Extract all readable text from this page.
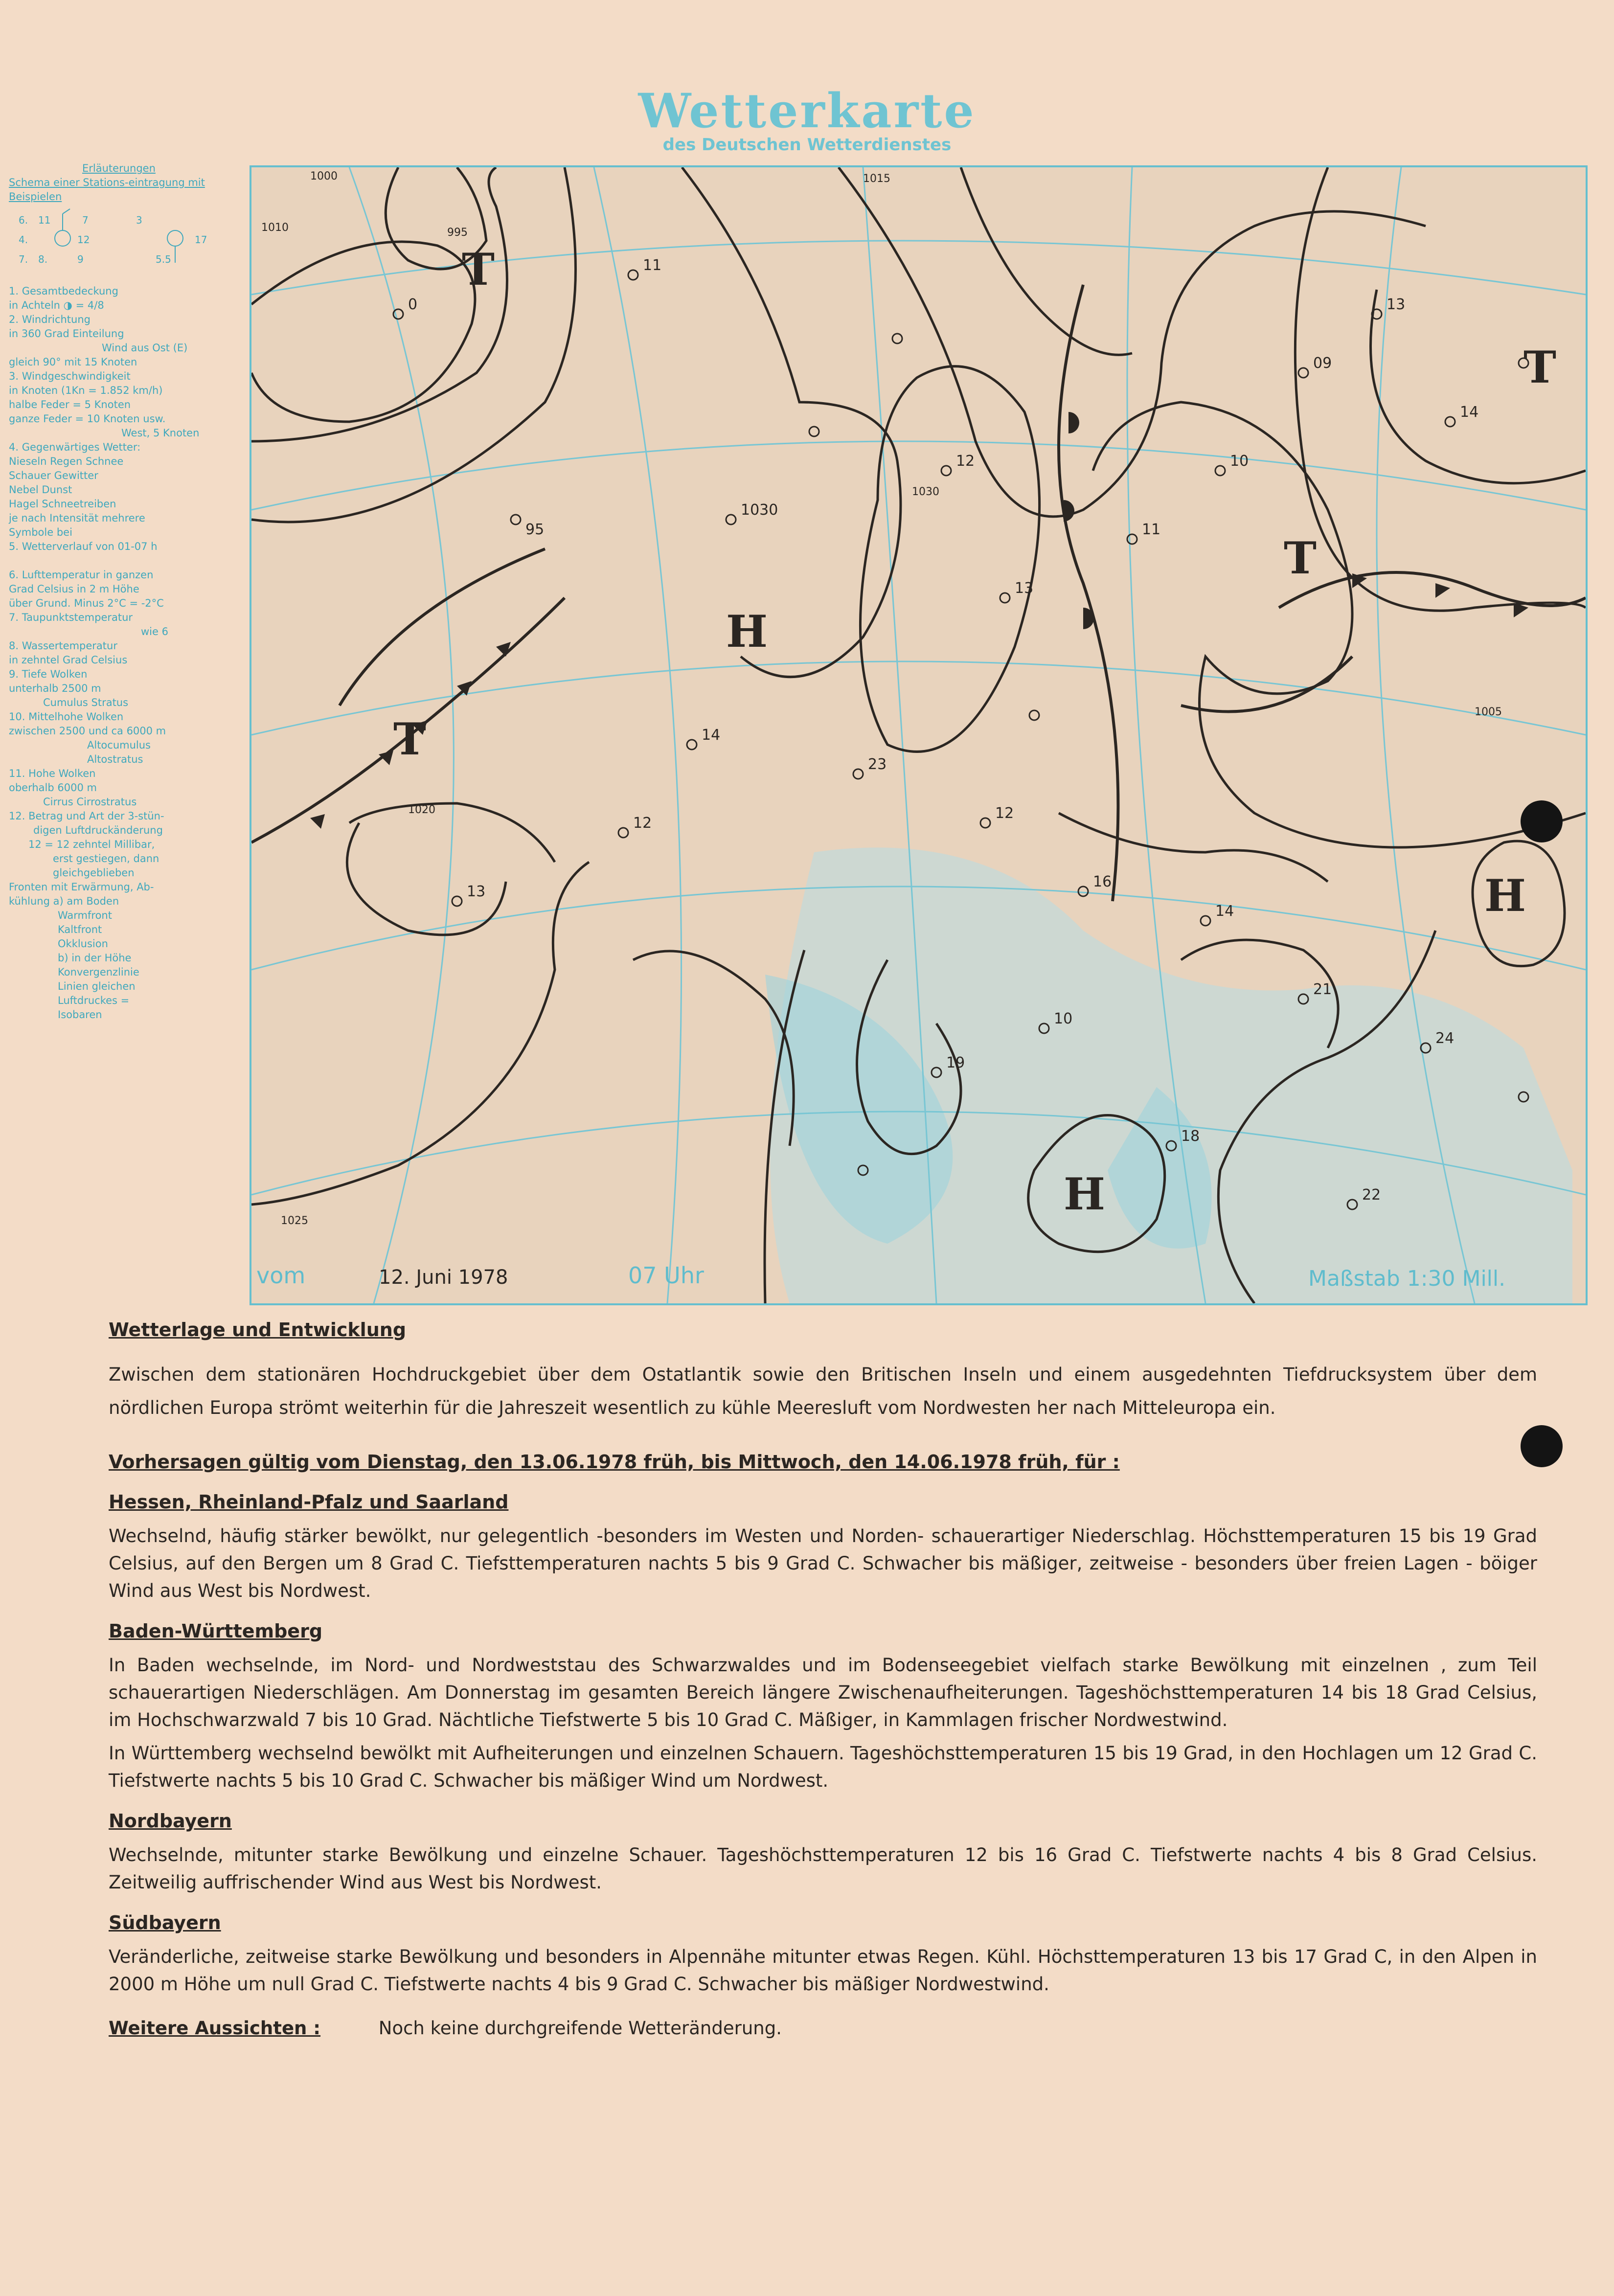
Wetterkarte
des Deutschen Wetterdienstes
Erläuterungen
Schema einer Stations-eintragung mit Beispielen
6. 11	7
4.	12
7. 8.	9
3
17
5.5
1. Gesamtbedeckung
in Achteln ◑ = 4/8
2. Windrichtung
in 360 Grad Einteilung
Wind aus Ost (E)
gleich 90° mit 15 Knoten
3. Windgeschwindigkeit
in Knoten (1Kn = 1.852 km/h)
halbe Feder = 5 Knoten
ganze Feder = 10 Knoten usw.
West, 5 Knoten
4. Gegenwärtiges Wetter:
Nieseln Regen Schnee
Schauer Gewitter
Nebel Dunst
Hagel Schneetreiben
je nach Intensität mehrere
Symbole bei
5. Wetterverlauf von 01-07 h
6. Lufttemperatur in ganzen
Grad Celsius in 2 m Höhe
über Grund. Minus 2°C = -2°C
7. Taupunktstemperatur
wie 6
8. Wassertemperatur
in zehntel Grad Celsius
9. Tiefe Wolken
unterhalb 2500 m
Cumulus Stratus
10. Mittelhohe Wolken
zwischen 2500 und ca 6000 m
Altocumulus
Altostratus
11. Hohe Wolken
oberhalb 6000 m
Cirrus Cirrostratus
12. Betrag und Art der 3-stün-
digen Luftdruckänderung
12 = 12 zehntel Millibar,
erst gestiegen, dann
gleichgeblieben
Fronten mit Erwärmung, Ab-
kühlung a) am Boden
Warmfront
Kaltfront
Okklusion
b) in der Höhe
Konvergenzlinie
Linien gleichen
Luftdruckes =
Isobaren
1030
95
12
13
11
10
09
13
14
12
14
23
12
16
14
21
24
19
10
18
22
13
0
11
1000
1005
1010
1015
1020
1025
1030
995
T
H
T
T
H
H
T
vom	12. Juni 1978	07 Uhr	Maßstab 1:30 Mill.
Wetterlage und Entwicklung

Zwischen dem stationären Hochdruckgebiet über dem Ostatlantik sowie den Britischen Inseln und einem ausgedehnten Tiefdrucksystem über dem nördlichen Europa strömt weiterhin für die Jahreszeit wesentlich zu kühle Meeresluft vom Nordwesten her nach Mitteleuropa ein.

Vorhersagen gültig vom Dienstag, den 13.06.1978 früh, bis Mittwoch, den 14.06.1978 früh, für :
Hessen, Rheinland-Pfalz und Saarland

Wechselnd, häufig stärker bewölkt, nur gelegentlich -besonders im Westen und Norden- schauerartiger Niederschlag. Höchsttemperaturen 15 bis 19 Grad Celsius, auf den Bergen um 8 Grad C. Tiefsttemperaturen nachts 5 bis 9 Grad C. Schwacher bis mäßiger, zeitweise - besonders über freien Lagen - böiger Wind aus West bis Nordwest.

Baden-Württemberg

In Baden wechselnde, im Nord- und Nordweststau des Schwarzwaldes und im Bodenseegebiet vielfach starke Bewölkung mit einzelnen , zum Teil schauerartigen Niederschlägen. Am Donnerstag im gesamten Bereich längere Zwischenaufheiterungen. Tageshöchsttemperaturen 14 bis 18 Grad Celsius, im Hochschwarzwald 7 bis 10 Grad. Nächtliche Tiefstwerte 5 bis 10 Grad C. Mäßiger, in Kammlagen frischer Nordwestwind.

In Württemberg wechselnd bewölkt mit Aufheiterungen und einzelnen Schauern. Tageshöchsttemperaturen 15 bis 19 Grad, in den Hochlagen um 12 Grad C. Tiefstwerte nachts 5 bis 10 Grad C. Schwacher bis mäßiger Wind um Nordwest.

Nordbayern

Wechselnde, mitunter starke Bewölkung und einzelne Schauer. Tageshöchsttemperaturen 12 bis 16 Grad C. Tiefstwerte nachts 4 bis 8 Grad Celsius. Zeitweilig auffrischender Wind aus West bis Nordwest.

Südbayern

Veränderliche, zeitweise starke Bewölkung und besonders in Alpennähe mitunter etwas Regen. Kühl. Höchsttemperaturen 13 bis 17 Grad C, in den Alpen in 2000 m Höhe um null Grad C. Tiefstwerte nachts 4 bis 9 Grad C. Schwacher bis mäßiger Nordwestwind.

Weitere Aussichten :	Noch keine durchgreifende Wetteränderung.
